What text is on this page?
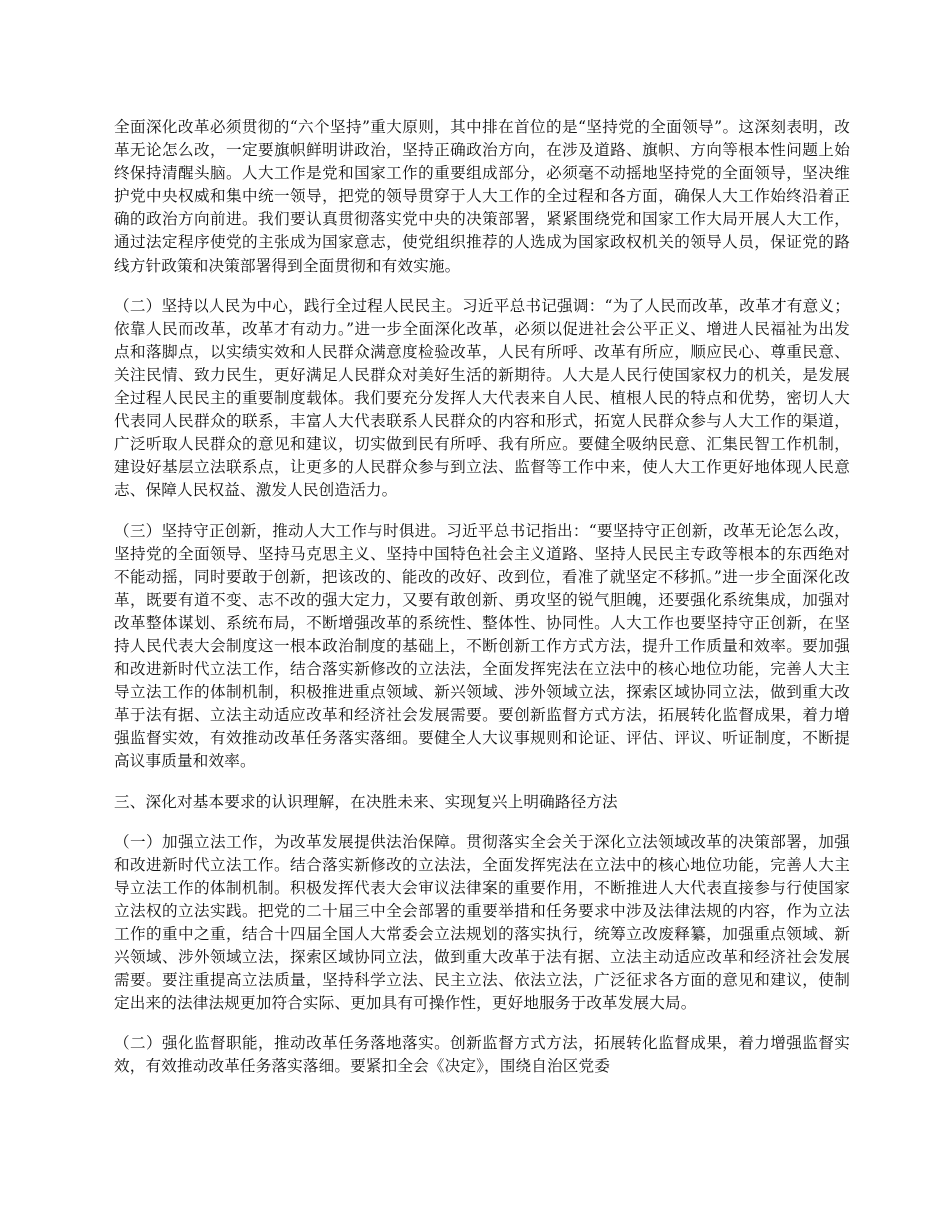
全面深化改革必须贯彻的“六个坚持”重大原则，其中排在首位的是“坚持党的全面领导”。这深刻表明，改革无论怎么改，一定要旗帜鲜明讲政治，坚持正确政治方向，在涉及道路、旗帜、方向等根本性问题上始终保持清醒头脑。人大工作是党和国家工作的重要组成部分，必须毫不动摇地坚持党的全面领导，坚决维护党中央权威和集中统一领导，把党的领导贯穿于人大工作的全过程和各方面，确保人大工作始终沿着正确的政治方向前进。我们要认真贯彻落实党中央的决策部署，紧紧围绕党和国家工作大局开展人大工作，通过法定程序使党的主张成为国家意志，使党组织推荐的人选成为国家政权机关的领导人员，保证党的路线方针政策和决策部署得到全面贯彻和有效实施。

（二）坚持以人民为中心，践行全过程人民民主。习近平总书记强调：“为了人民而改革，改革才有意义；依靠人民而改革，改革才有动力。”进一步全面深化改革，必须以促进社会公平正义、增进人民福祉为出发点和落脚点，以实绩实效和人民群众满意度检验改革，人民有所呼、改革有所应，顺应民心、尊重民意、关注民情、致力民生，更好满足人民群众对美好生活的新期待。人大是人民行使国家权力的机关，是发展全过程人民民主的重要制度载体。我们要充分发挥人大代表来自人民、植根人民的特点和优势，密切人大代表同人民群众的联系，丰富人大代表联系人民群众的内容和形式，拓宽人民群众参与人大工作的渠道，广泛听取人民群众的意见和建议，切实做到民有所呼、我有所应。要健全吸纳民意、汇集民智工作机制，建设好基层立法联系点，让更多的人民群众参与到立法、监督等工作中来，使人大工作更好地体现人民意志、保障人民权益、激发人民创造活力。

（三）坚持守正创新，推动人大工作与时俱进。习近平总书记指出：“要坚持守正创新，改革无论怎么改，坚持党的全面领导、坚持马克思主义、坚持中国特色社会主义道路、坚持人民民主专政等根本的东西绝对不能动摇，同时要敢于创新，把该改的、能改的改好、改到位，看准了就坚定不移抓。”进一步全面深化改革，既要有道不变、志不改的强大定力，又要有敢创新、勇攻坚的锐气胆魄，还要强化系统集成，加强对改革整体谋划、系统布局，不断增强改革的系统性、整体性、协同性。人大工作也要坚持守正创新，在坚持人民代表大会制度这一根本政治制度的基础上，不断创新工作方式方法，提升工作质量和效率。要加强和改进新时代立法工作，结合落实新修改的立法法，全面发挥宪法在立法中的核心地位功能，完善人大主导立法工作的体制机制，积极推进重点领域、新兴领域、涉外领域立法，探索区域协同立法，做到重大改革于法有据、立法主动适应改革和经济社会发展需要。要创新监督方式方法，拓展转化监督成果，着力增强监督实效，有效推动改革任务落实落细。要健全人大议事规则和论证、评估、评议、听证制度，不断提高议事质量和效率。

三、深化对基本要求的认识理解，在决胜未来、实现复兴上明确路径方法

（一）加强立法工作，为改革发展提供法治保障。贯彻落实全会关于深化立法领域改革的决策部署，加强和改进新时代立法工作。结合落实新修改的立法法，全面发挥宪法在立法中的核心地位功能，完善人大主导立法工作的体制机制。积极发挥代表大会审议法律案的重要作用，不断推进人大代表直接参与行使国家立法权的立法实践。把党的二十届三中全会部署的重要举措和任务要求中涉及法律法规的内容，作为立法工作的重中之重，结合十四届全国人大常委会立法规划的落实执行，统筹立改废释纂，加强重点领域、新兴领域、涉外领域立法，探索区域协同立法，做到重大改革于法有据、立法主动适应改革和经济社会发展需要。要注重提高立法质量，坚持科学立法、民主立法、依法立法，广泛征求各方面的意见和建议，使制定出来的法律法规更加符合实际、更加具有可操作性，更好地服务于改革发展大局。

（二）强化监督职能，推动改革任务落地落实。创新监督方式方法，拓展转化监督成果，着力增强监督实效，有效推动改革任务落实落细。要紧扣全会《决定》，围绕自治区党委
